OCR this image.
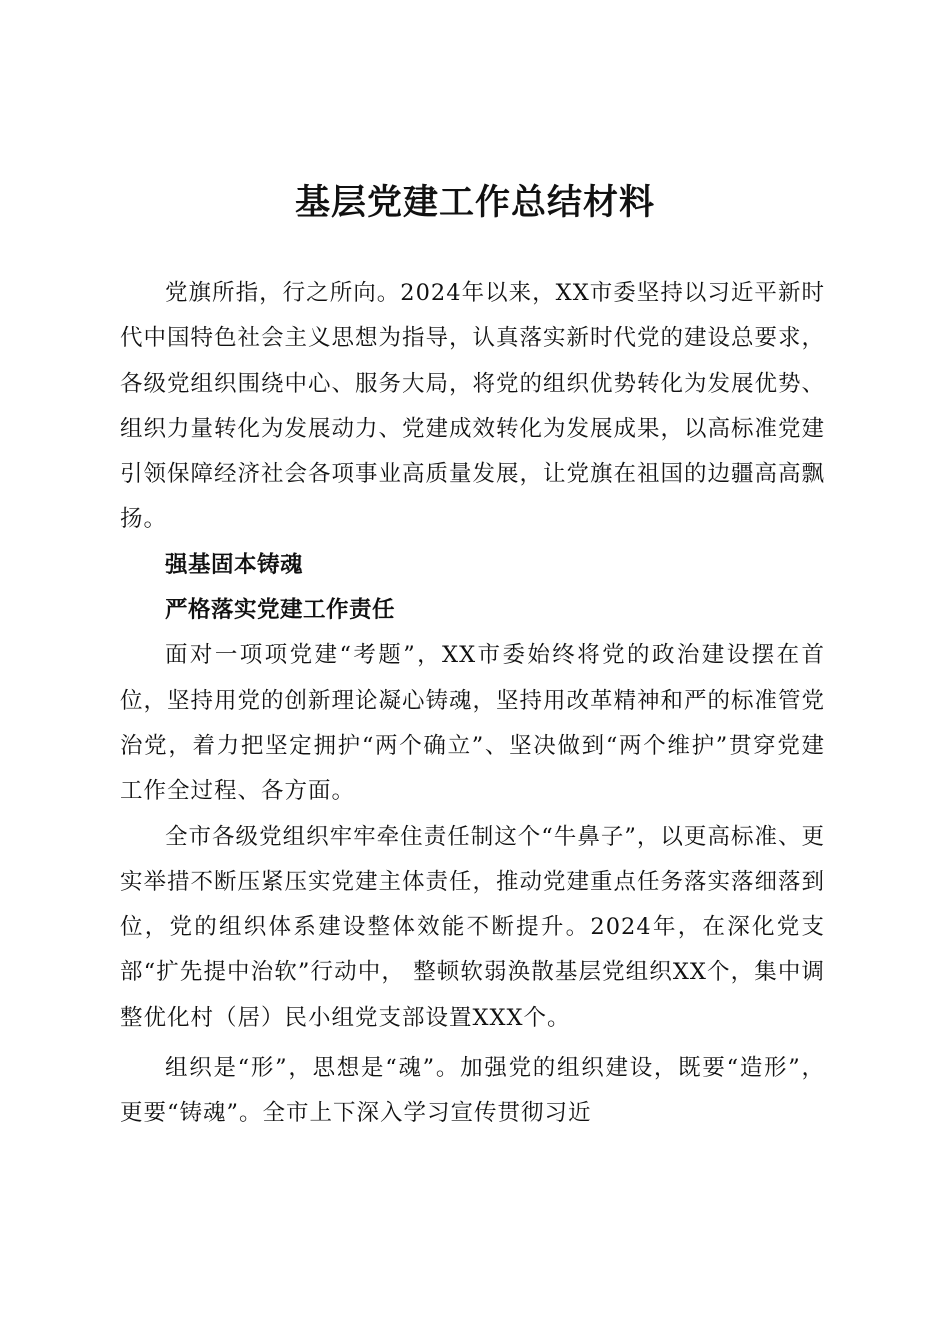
基层党建工作总结材料

党旗所指，行之所向。2024年以来，XX市委坚持以习近平新时代中国特色社会主义思想为指导，认真落实新时代党的建设总要求，各级党组织围绕中心、服务大局，将党的组织优势转化为发展优势、组织力量转化为发展动力、党建成效转化为发展成果，以高标准党建引领保障经济社会各项事业高质量发展，让党旗在祖国的边疆高高飘扬。

强基固本铸魂

严格落实党建工作责任

面对一项项党建“考题”，XX市委始终将党的政治建设摆在首位，坚持用党的创新理论凝心铸魂，坚持用改革精神和严的标准管党治党，着力把坚定拥护“两个确立”、坚决做到“两个维护”贯穿党建工作全过程、各方面。

全市各级党组织牢牢牵住责任制这个“牛鼻子”，以更高标准、更实举措不断压紧压实党建主体责任，推动党建重点任务落实落细落到位，党的组织体系建设整体效能不断提升。2024年，在深化党支部“扩先提中治软”行动中， 整顿软弱涣散基层党组织XX个，集中调整优化村（居）民小组党支部设置XXX个。

组织是“形”，思想是“魂”。加强党的组织建设，既要“造形”，更要“铸魂”。全市上下深入学习宣传贯彻习近
